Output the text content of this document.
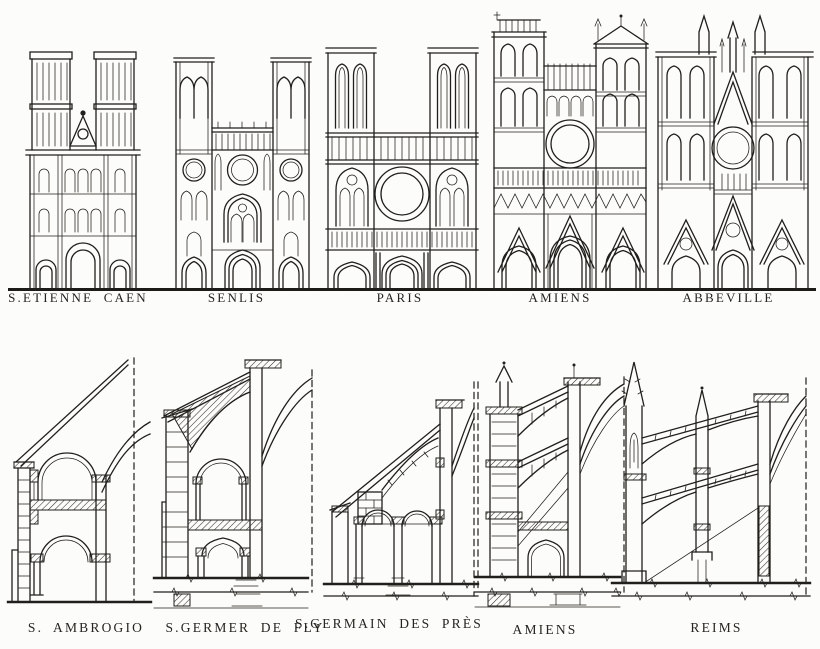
S.ETIENNE CAEN	SENLIS	PARIS	AMIENS	ABBEVILLE
S. AMBROGIO S.GERMER DE FLY
S.GERMAIN DES PRÈS AMIENS	REIMS
